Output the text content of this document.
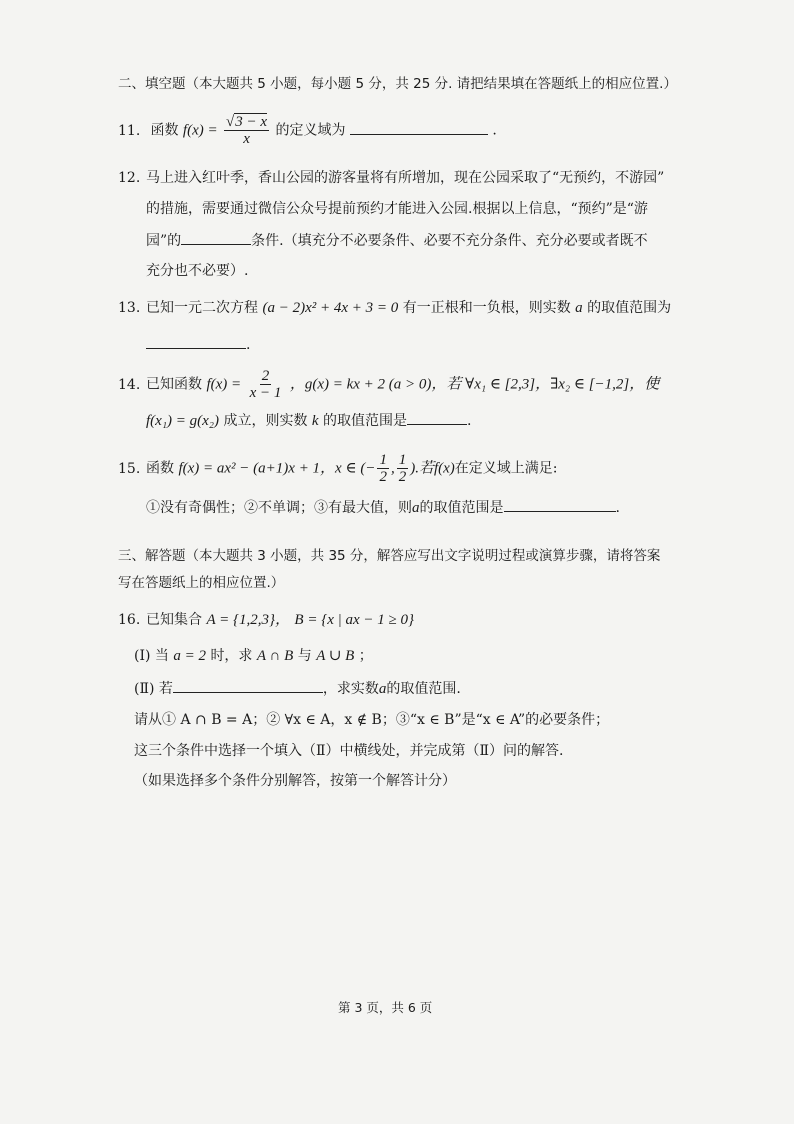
二、填空题（本大题共 5 小题，每小题 5 分，共 25 分. 请把结果填在答题纸上的相应位置.）
11. 函数 $f(x) = \frac{√3 - x}{x}$ 的定义域为	.
12. 马上进入红叶季，香山公园的游客量将有所增加，现在公园采取了“无预约，不游园”
的措施，需要通过微信公众号提前预约才能进入公园.根据以上信息，“预约”是“游
园”的	条件.（填充分不必要条件、必要不充分条件、充分必要或者既不
充分也不必要）.
13. 已知一元二次方程 (a − 2)x² + 4x + 3 = 0 有一正根和一负根，则实数 a 的取值范围为
.
14. 已知函数 $f(x) = \frac{2}{x - 1}$ ，g(x) = kx + 2 (a > 0)，若 ∀x₁ ∈ [2,3]，∃x₂ ∈ [−1,2]，使
f(x₁) = g(x₂) 成立，则实数 k 的取值范围是	.
15. 函数 f(x) = ax² − (a+1)x + 1，x ∈ (− $\frac{1}{2}$ , $\frac{1}{2}$ ).若f(x)在定义域上满足:
①没有奇偶性；②不单调；③有最大值，则a的取值范围是	.
三、解答题（本大题共 3 小题，共 35 分，解答应写出文字说明过程或演算步骤，请将答案
写在答题纸上的相应位置.）
16. 已知集合 A = {1,2,3}， B = {x | ax − 1 ≥ 0}
(Ⅰ) 当 a = 2 时，求 A ∩ B 与 A ∪ B ；
(Ⅱ) 若	，求实数a的取值范围.
请从① A ∩ B = A；② ∀x ∈ A，x ∉ B；③“x ∈ B”是“x ∈ A”的必要条件；
这三个条件中选择一个填入（Ⅱ）中横线处，并完成第（Ⅱ）问的解答.
（如果选择多个条件分别解答，按第一个解答计分）
第 3 页，共 6 页
